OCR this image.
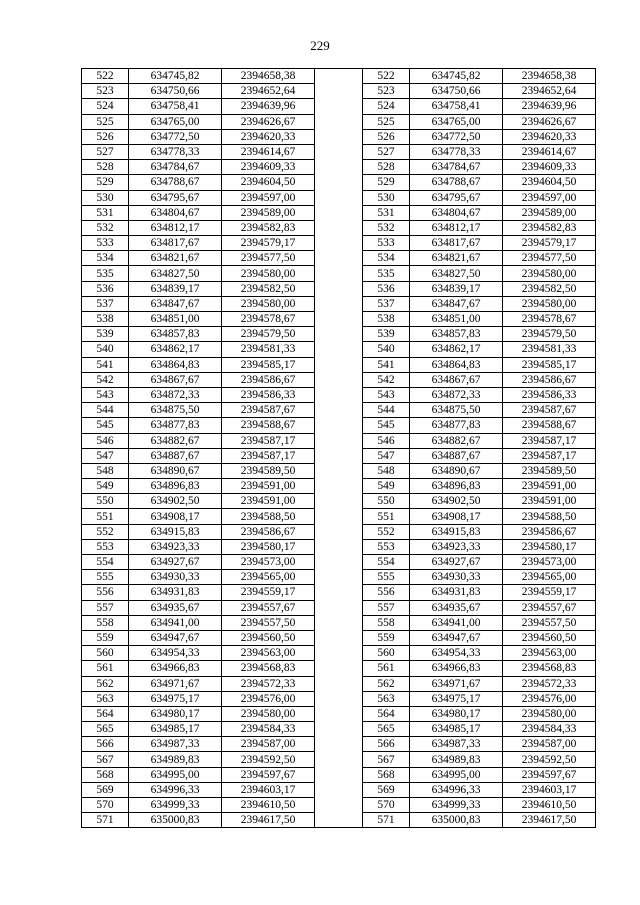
229
522	634745,82	2394658,38		522	634745,82	2394658,38
523	634750,66	2394652,64		523	634750,66	2394652,64
524	634758,41	2394639,96		524	634758,41	2394639,96
525	634765,00	2394626,67		525	634765,00	2394626,67
526	634772,50	2394620,33		526	634772,50	2394620,33
527	634778,33	2394614,67		527	634778,33	2394614,67
528	634784,67	2394609,33		528	634784,67	2394609,33
529	634788,67	2394604,50		529	634788,67	2394604,50
530	634795,67	2394597,00		530	634795,67	2394597,00
531	634804,67	2394589,00		531	634804,67	2394589,00
532	634812,17	2394582,83		532	634812,17	2394582,83
533	634817,67	2394579,17		533	634817,67	2394579,17
534	634821,67	2394577,50		534	634821,67	2394577,50
535	634827,50	2394580,00		535	634827,50	2394580,00
536	634839,17	2394582,50		536	634839,17	2394582,50
537	634847,67	2394580,00		537	634847,67	2394580,00
538	634851,00	2394578,67		538	634851,00	2394578,67
539	634857,83	2394579,50		539	634857,83	2394579,50
540	634862,17	2394581,33		540	634862,17	2394581,33
541	634864,83	2394585,17		541	634864,83	2394585,17
542	634867,67	2394586,67		542	634867,67	2394586,67
543	634872,33	2394586,33		543	634872,33	2394586,33
544	634875,50	2394587,67		544	634875,50	2394587,67
545	634877,83	2394588,67		545	634877,83	2394588,67
546	634882,67	2394587,17		546	634882,67	2394587,17
547	634887,67	2394587,17		547	634887,67	2394587,17
548	634890,67	2394589,50		548	634890,67	2394589,50
549	634896,83	2394591,00		549	634896,83	2394591,00
550	634902,50	2394591,00		550	634902,50	2394591,00
551	634908,17	2394588,50		551	634908,17	2394588,50
552	634915,83	2394586,67		552	634915,83	2394586,67
553	634923,33	2394580,17		553	634923,33	2394580,17
554	634927,67	2394573,00		554	634927,67	2394573,00
555	634930,33	2394565,00		555	634930,33	2394565,00
556	634931,83	2394559,17		556	634931,83	2394559,17
557	634935,67	2394557,67		557	634935,67	2394557,67
558	634941,00	2394557,50		558	634941,00	2394557,50
559	634947,67	2394560,50		559	634947,67	2394560,50
560	634954,33	2394563,00		560	634954,33	2394563,00
561	634966,83	2394568,83		561	634966,83	2394568,83
562	634971,67	2394572,33		562	634971,67	2394572,33
563	634975,17	2394576,00		563	634975,17	2394576,00
564	634980,17	2394580,00		564	634980,17	2394580,00
565	634985,17	2394584,33		565	634985,17	2394584,33
566	634987,33	2394587,00		566	634987,33	2394587,00
567	634989,83	2394592,50		567	634989,83	2394592,50
568	634995,00	2394597,67		568	634995,00	2394597,67
569	634996,33	2394603,17		569	634996,33	2394603,17
570	634999,33	2394610,50		570	634999,33	2394610,50
571	635000,83	2394617,50		571	635000,83	2394617,50
